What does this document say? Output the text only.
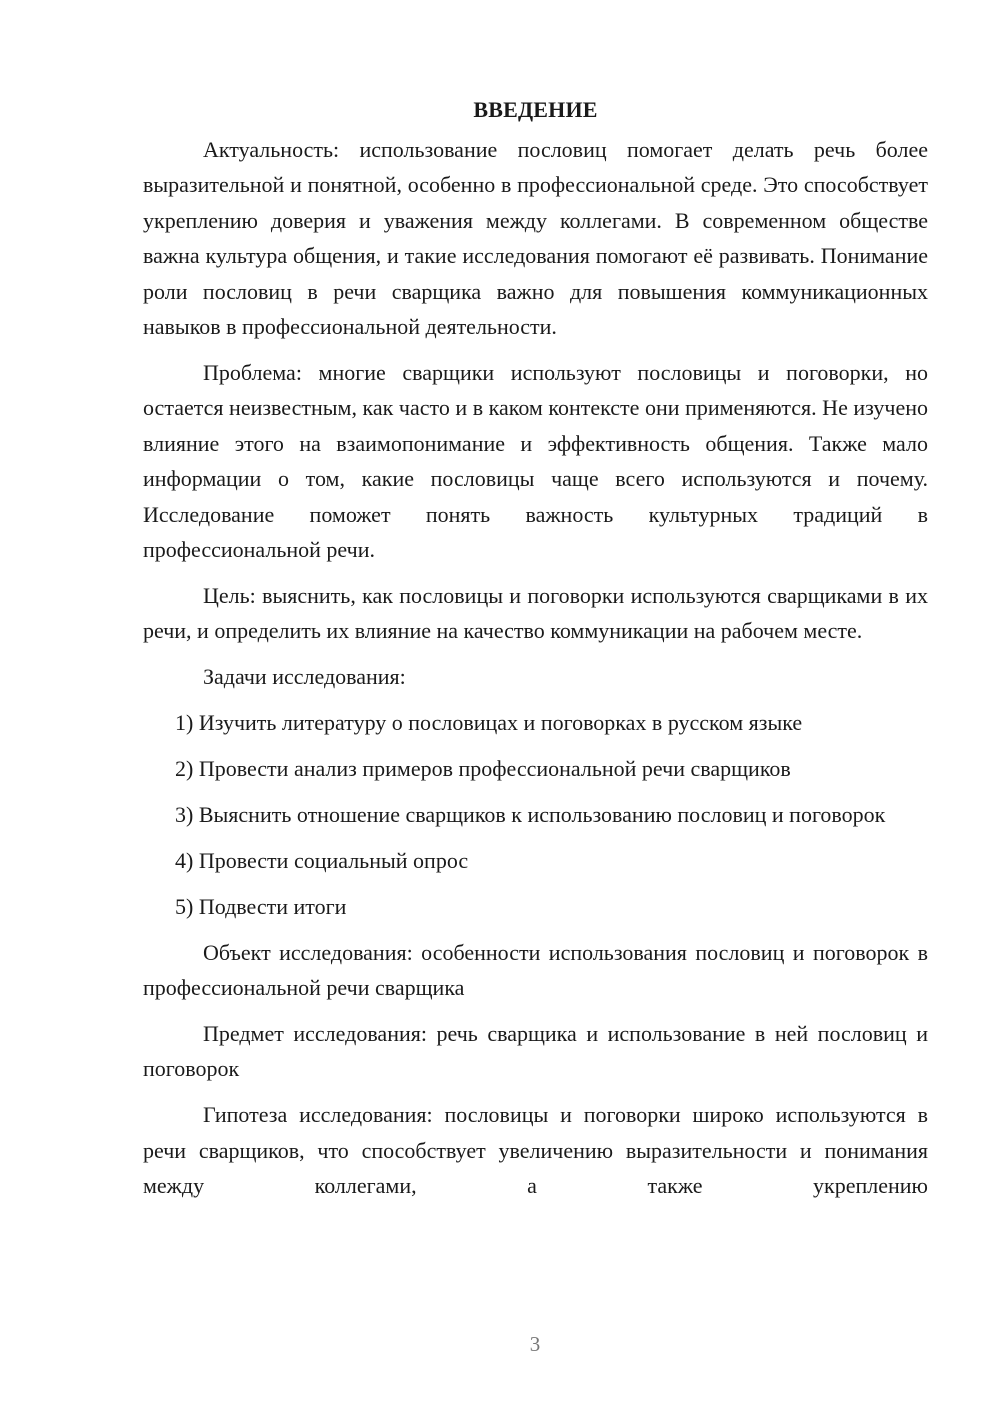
ВВЕДЕНИЕ

Актуальность: использование пословиц помогает делать речь более выразительной и понятной, особенно в профессиональной среде. Это способствует укреплению доверия и уважения между коллегами. В современном обществе важна культура общения, и такие исследования помогают её развивать. Понимание роли пословиц в речи сварщика важно для повышения коммуникационных навыков в профессиональной деятельности.

Проблема: многие сварщики используют пословицы и поговорки, но остается неизвестным, как часто и в каком контексте они применяются. Не изучено влияние этого на взаимопонимание и эффективность общения. Также мало информации о том, какие пословицы чаще всего используются и почему. Исследование поможет понять важность культурных традиций в профессиональной речи.

Цель: выяснить, как пословицы и поговорки используются сварщиками в их речи, и определить их влияние на качество коммуникации на рабочем месте.

Задачи исследования:

1) Изучить литературу о пословицах и поговорках в русском языке

2) Провести анализ примеров профессиональной речи сварщиков

3) Выяснить отношение сварщиков к использованию пословиц и поговорок

4) Провести социальный опрос

5) Подвести итоги

Объект исследования: особенности использования пословиц и поговорок в профессиональной речи сварщика

Предмет исследования: речь сварщика и использование в ней пословиц и поговорок

Гипотеза исследования: пословицы и поговорки широко используются в речи сварщиков, что способствует увеличению выразительности и понимания между коллегами, а также укреплению

3
